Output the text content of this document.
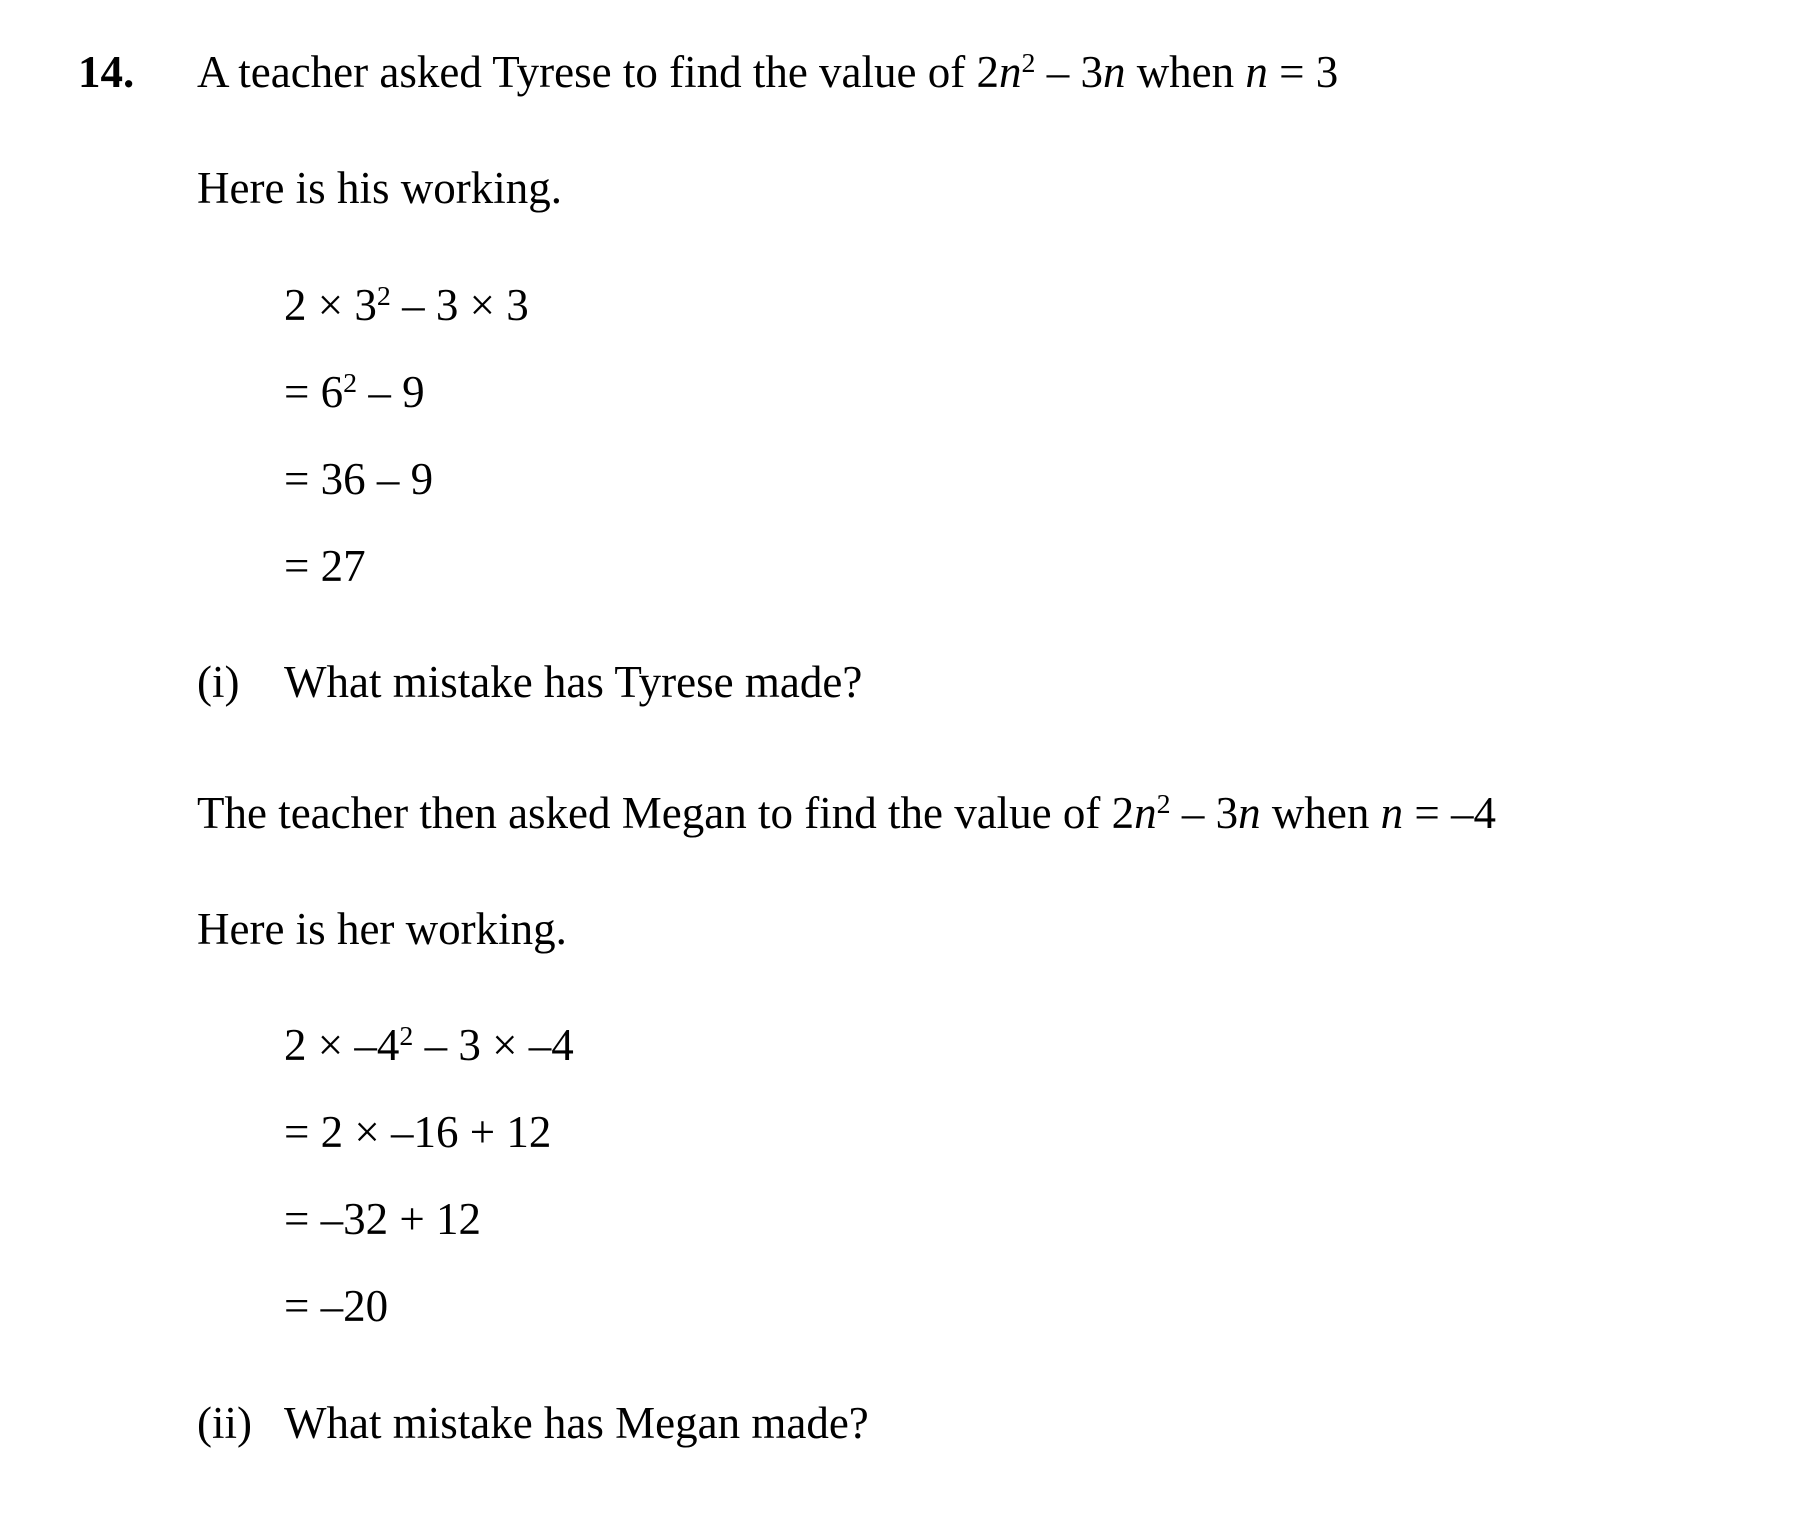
14. A teacher asked Tyrese to find the value of $2n^2 - 3n$ when n = 3
Here is his working.
$2 \times 3^2 - 3 \times 3$
= $6^2 - 9$
= 36 – 9
= 27
(i) What mistake has Tyrese made?
The teacher then asked Megan to find the value of $2n^2 - 3n$ when n = –4
Here is her working.
$2 \times -4^2 - 3 \times -4$
= 2 × –16 + 12
= –32 + 12
= –20
(ii) What mistake has Megan made?
